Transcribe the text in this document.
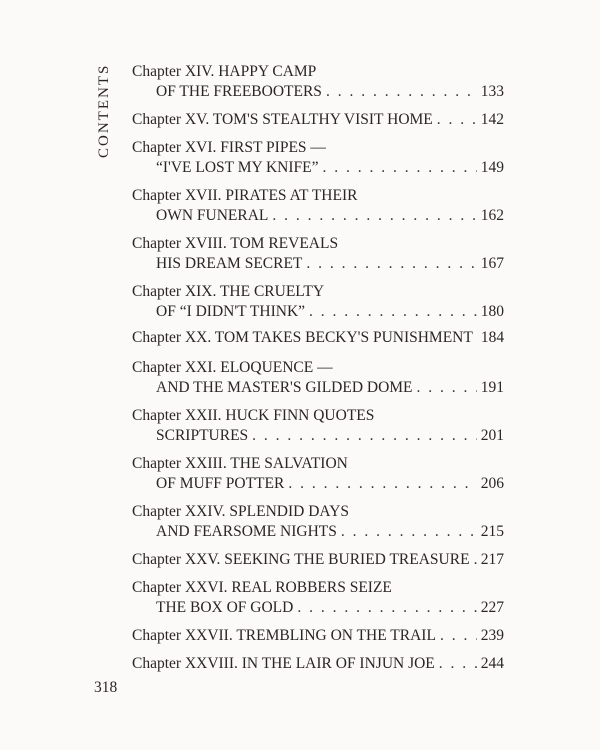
CONTENTS	Chapter XIV. HAPPY CAMP
OF THE FREEBOOTERS . . .	133
Chapter XV. TOM'S STEALTHY VISIT HOME . . .	142
Chapter XVI. FIRST PIPES —
“I'VE LOST MY KNIFE” . . .	149
Chapter XVII. PIRATES AT THEIR
OWN FUNERAL . . .	162
Chapter XVIII. TOM REVEALS
HIS DREAM SECRET . . .	167
Chapter XIX. THE CRUELTY
OF “I DIDN'T THINK” . . .	180
Chapter XX. TOM TAKES BECKY'S PUNISHMENT 184
Chapter XXI. ELOQUENCE —
AND THE MASTER'S GILDED DOME . . .	191
Chapter XXII. HUCK FINN QUOTES
SCRIPTURES . . .	201
Chapter XXIII. THE SALVATION
OF MUFF POTTER . . .	206
Chapter XXIV. SPLENDID DAYS
AND FEARSOME NIGHTS . . .	215
Chapter XXV. SEEKING THE BURIED TREASURE . . . 217
Chapter XXVI. REAL ROBBERS SEIZE
THE BOX OF GOLD . . .	227
Chapter XXVII. TREMBLING ON THE TRAIL . . .	239
Chapter XXVIII. IN THE LAIR OF INJUN JOE . . .	244
318
